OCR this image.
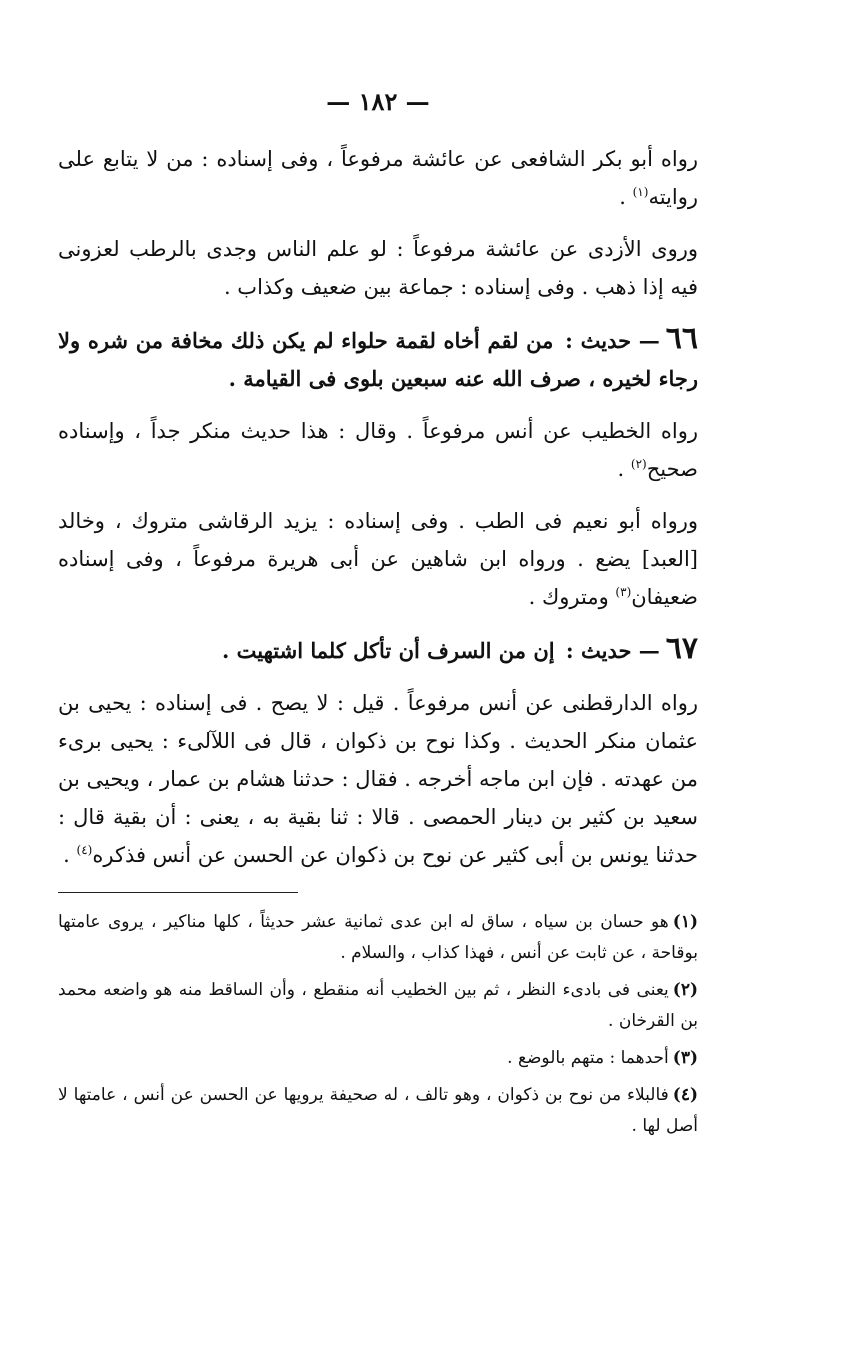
— ١٨٢ —

رواه أبو بكر الشافعى عن عائشة مرفوعاً ، وفى إسناده : من لا يتابع على روايته$^{(١)}$ .

وروى الأزدى عن عائشة مرفوعاً : لو علم الناس وجدى بالرطب لعزونى فيه إذا ذهب . وفى إسناده : جماعة بين ضعيف وكذاب .

٦٦— حديث : من لقم أخاه لقمة حلواء لم يكن ذلك مخافة من شره ولا رجاء لخيره ، صرف الله عنه سبعين بلوى فى القيامة .

رواه الخطيب عن أنس مرفوعاً . وقال : هذا حديث منكر جداً ، وإسناده صحيح$^{(٢)}$ .

ورواه أبو نعيم فى الطب . وفى إسناده : يزيد الرقاشى متروك ، وخالد [العبد] يضع . ورواه ابن شاهين عن أبى هريرة مرفوعاً ، وفى إسناده ضعيفان$^{(٣)}$ ومتروك .

٦٧— حديث : إن من السرف أن تأكل كلما اشتهيت .

رواه الدارقطنى عن أنس مرفوعاً . قيل : لا يصح . فى إسناده : يحيى بن عثمان منكر الحديث . وكذا نوح بن ذكوان ، قال فى اللآلىء : يحيى برىء من عهدته . فإن ابن ماجه أخرجه . فقال : حدثنا هشام بن عمار ، ويحيى بن سعيد بن كثير بن دينار الحمصى . قالا : ثنا بقية به ، يعنى : أن بقية قال : حدثنا يونس بن أبى كثير عن نوح بن ذكوان عن الحسن عن أنس فذكره$^{(٤)}$ .

(١)هو حسان بن سياه ، ساق له ابن عدى ثمانية عشر حديثاً ، كلها مناكير ، يروى عامتها بوقاحة ، عن ثابت عن أنس ، فهذا كذاب ، والسلام .

(٢)يعنى فى بادىء النظر ، ثم بين الخطيب أنه منقطع ، وأن الساقط منه هو واضعه محمد بن القرخان .

(٣)أحدهما : متهم بالوضع .

(٤)فالبلاء من نوح بن ذكوان ، وهو تالف ، له صحيفة يرويها عن الحسن عن أنس ، عامتها لا أصل لها .
